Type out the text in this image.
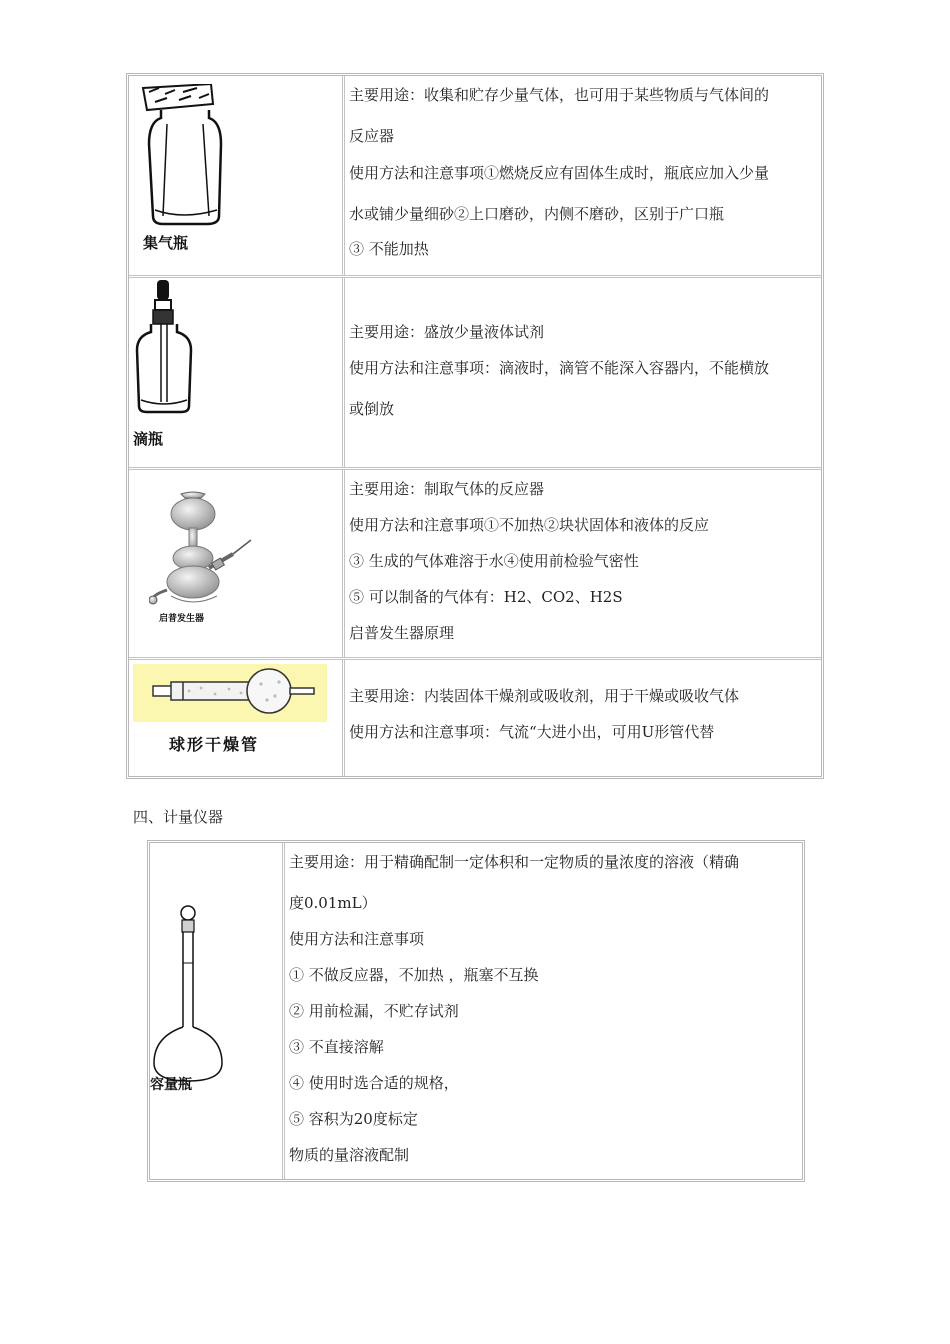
集气瓶
主要用途：收集和贮存少量气体，也可用于某些物质与气体间的
反应器
使用方法和注意事项①燃烧反应有固体生成时，瓶底应加入少量
水或铺少量细砂②上口磨砂，内侧不磨砂，区别于广口瓶
③ 不能加热
滴瓶
主要用途：盛放少量液体试剂
使用方法和注意事项：滴液时，滴管不能深入容器内，不能横放
或倒放
启普发生器
主要用途：制取气体的反应器
使用方法和注意事项①不加热②块状固体和液体的反应
③ 生成的气体难溶于水④使用前检验气密性
⑤ 可以制备的气体有：H2、CO2、H2S
启普发生器原理
球形干燥管
主要用途：内装固体干燥剂或吸收剂，用于干燥或吸收气体
使用方法和注意事项：气流“大进小出，可用U形管代替
四、计量仪器
容量瓶
主要用途：用于精确配制一定体积和一定物质的量浓度的溶液（精确
度0.01mL）
使用方法和注意事项
① 不做反应器，不加热 ，瓶塞不互换
② 用前检漏，不贮存试剂
③ 不直接溶解
④ 使用时选合适的规格，
⑤ 容积为20度标定
物质的量溶液配制
